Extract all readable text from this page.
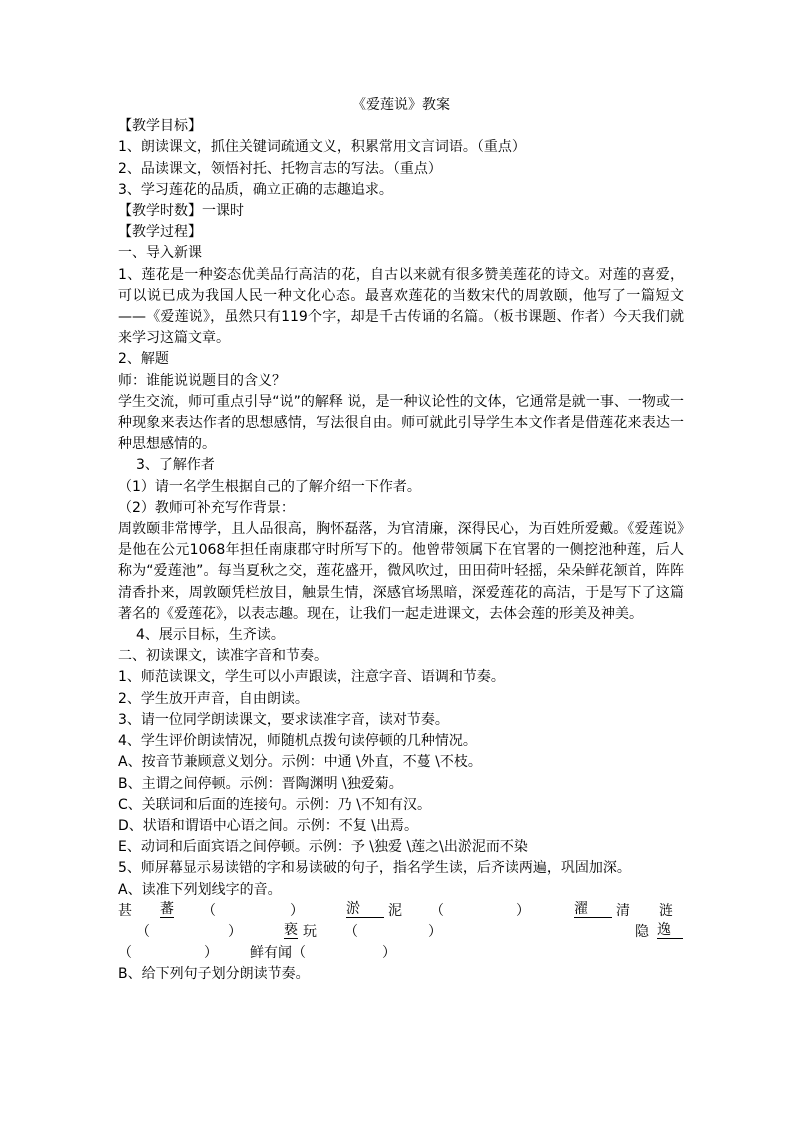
《爱莲说》教案

【教学目标】

1、朗读课文，抓住关键词疏通文义，积累常用文言词语。（重点）

2、品读课文，领悟衬托、托物言志的写法。（重点）

3、学习莲花的品质，确立正确的志趣追求。

【教学时数】一课时

【教学过程】

一、导入新课

1、莲花是一种姿态优美品行高洁的花，自古以来就有很多赞美莲花的诗文。对莲的喜爱，可以说已成为我国人民一种文化心态。最喜欢莲花的当数宋代的周敦颐，他写了一篇短文——《爱莲说》，虽然只有119个字，却是千古传诵的名篇。（板书课题、作者）今天我们就来学习这篇文章。

2、解题

师：谁能说说题目的含义？

学生交流，师可重点引导“说”的解释 说，是一种议论性的文体，它通常是就一事、一物或一种现象来表达作者的思想感情，写法很自由。师可就此引导学生本文作者是借莲花来表达一种思想感情的。

3、了解作者

（1）请一名学生根据自己的了解介绍一下作者。

（2）教师可补充写作背景：

周敦颐非常博学，且人品很高，胸怀磊落，为官清廉，深得民心，为百姓所爱戴。《爱莲说》是他在公元1068年担任南康郡守时所写下的。他曾带领属下在官署的一侧挖池种莲，后人称为“爱莲池”。每当夏秋之交，莲花盛开，微风吹过，田田荷叶轻摇，朵朵鲜花颔首，阵阵清香扑来，周敦颐凭栏放目，触景生情，深感官场黑暗，深爱莲花的高洁，于是写下了这篇著名的《爱莲花》，以表志趣。现在，让我们一起走进课文，去体会莲的形美及神美。

4、展示目标，生齐读。

二、初读课文，读准字音和节奏。

1、师范读课文，学生可以小声跟读，注意字音、语调和节奏。

2、学生放开声音，自由朗读。

3、请一位同学朗读课文，要求读准字音，读对节奏。

4、学生评价朗读情况，师随机点拨句读停顿的几种情况。

A、按音节兼顾意义划分。示例：中通 \外直，不蔓 \不枝。

B、主谓之间停顿。示例：晋陶渊明 \独爱菊。

C、关联词和后面的连接句。示例：乃 \不知有汉。

D、状语和谓语中心语之间。示例：不复 \出焉。

E、动词和后面宾语之间停顿。示例：予 \独爱 \莲之\出淤泥而不染

5、师屏幕显示易读错的字和易读破的句子，指名学生读，后齐读两遍，巩固加深。

A、读准下列划线字的音。

甚 蕃 （	）	淤	泥 （	）	濯	清 涟
（	）	亵 玩 （	）	隐 逸
（	） 鲜有闻（	）

B、给下列句子划分朗读节奏。
